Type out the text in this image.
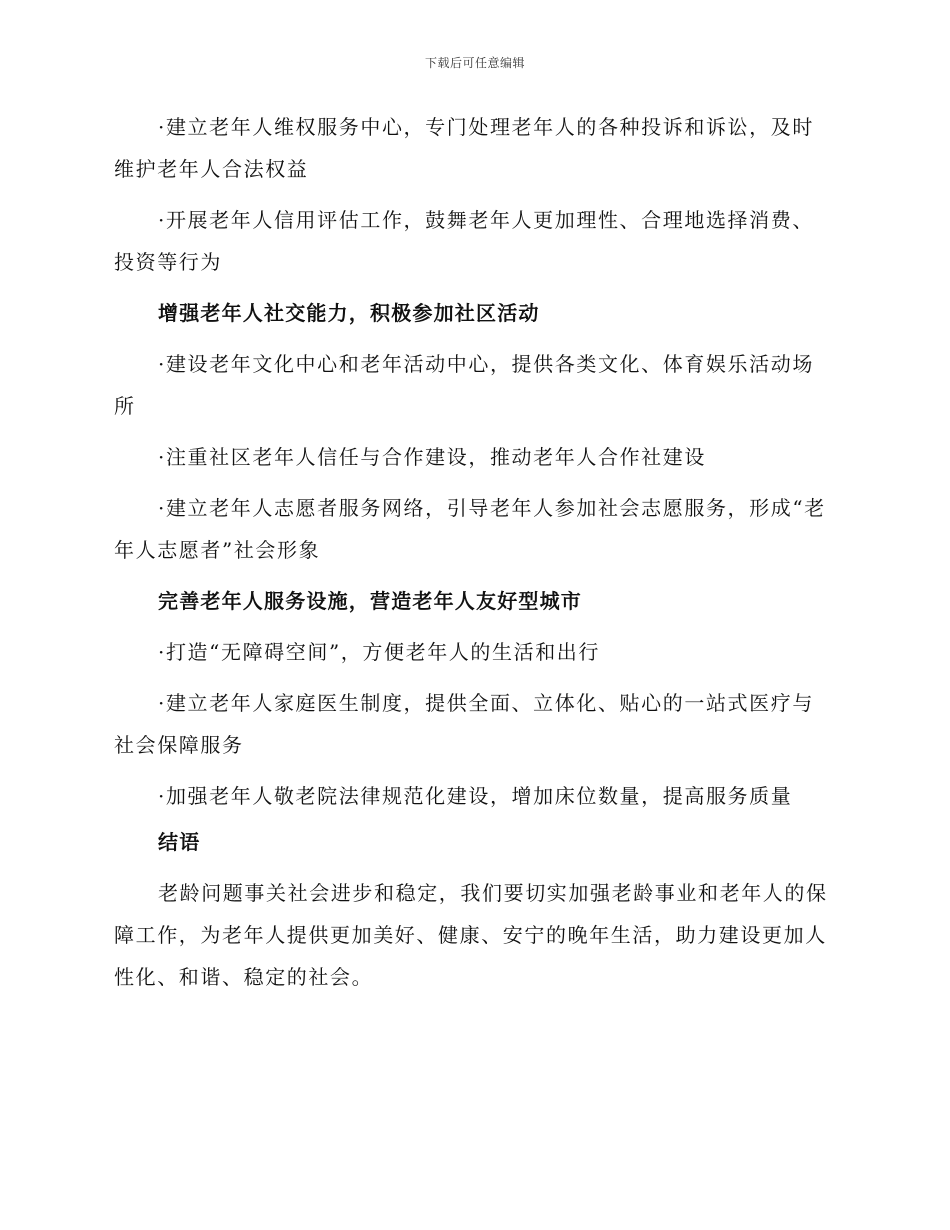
下载后可任意编辑

·建立老年人维权服务中心，专门处理老年人的各种投诉和诉讼，及时维护老年人合法权益

·开展老年人信用评估工作，鼓舞老年人更加理性、合理地选择消费、投资等行为

增强老年人社交能力，积极参加社区活动

·建设老年文化中心和老年活动中心，提供各类文化、体育娱乐活动场所

·注重社区老年人信任与合作建设，推动老年人合作社建设

·建立老年人志愿者服务网络，引导老年人参加社会志愿服务，形成“老年人志愿者”社会形象

完善老年人服务设施，营造老年人友好型城市

·打造“无障碍空间”，方便老年人的生活和出行

·建立老年人家庭医生制度，提供全面、立体化、贴心的一站式医疗与社会保障服务

·加强老年人敬老院法律规范化建设，增加床位数量，提高服务质量

结语

老龄问题事关社会进步和稳定，我们要切实加强老龄事业和老年人的保障工作，为老年人提供更加美好、健康、安宁的晚年生活，助力建设更加人性化、和谐、稳定的社会。
